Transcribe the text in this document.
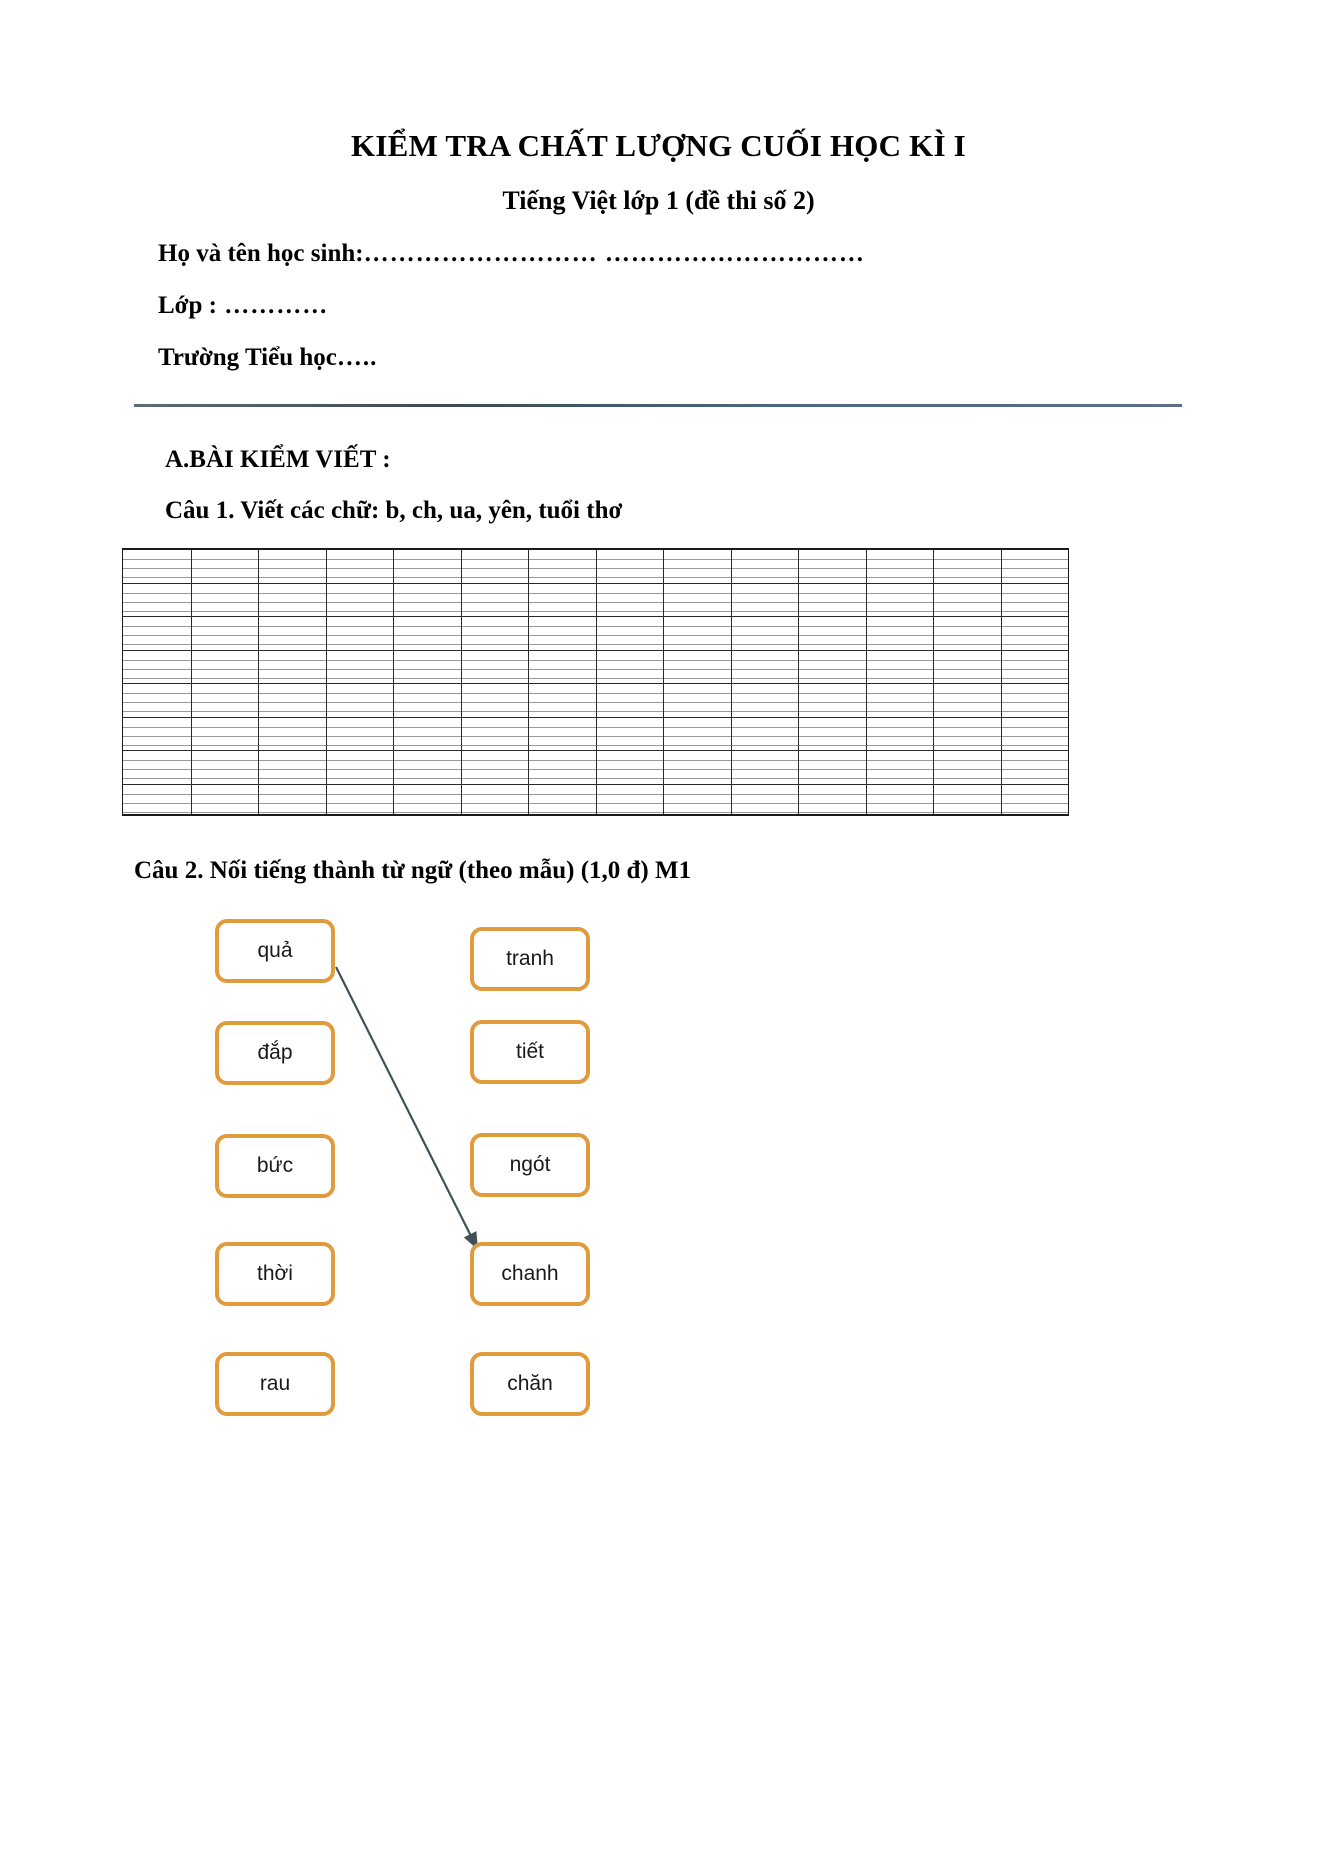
KIỂM TRA CHẤT LƯỢNG CUỐI HỌC KÌ I
Tiếng Việt lớp 1 (đề thi số 2)
Họ và tên học sinh:……………………… …………………………
Lớp : …………
Trường Tiểu học…..
A.BÀI KIỂM VIẾT :
Câu 1. Viết các chữ: b, ch, ua, yên, tuổi thơ
Câu 2. Nối tiếng thành từ ngữ (theo mẫu) (1,0 đ) M1
quả
đắp
bức
thời
rau
tranh
tiết
ngót
chanh
chăn
